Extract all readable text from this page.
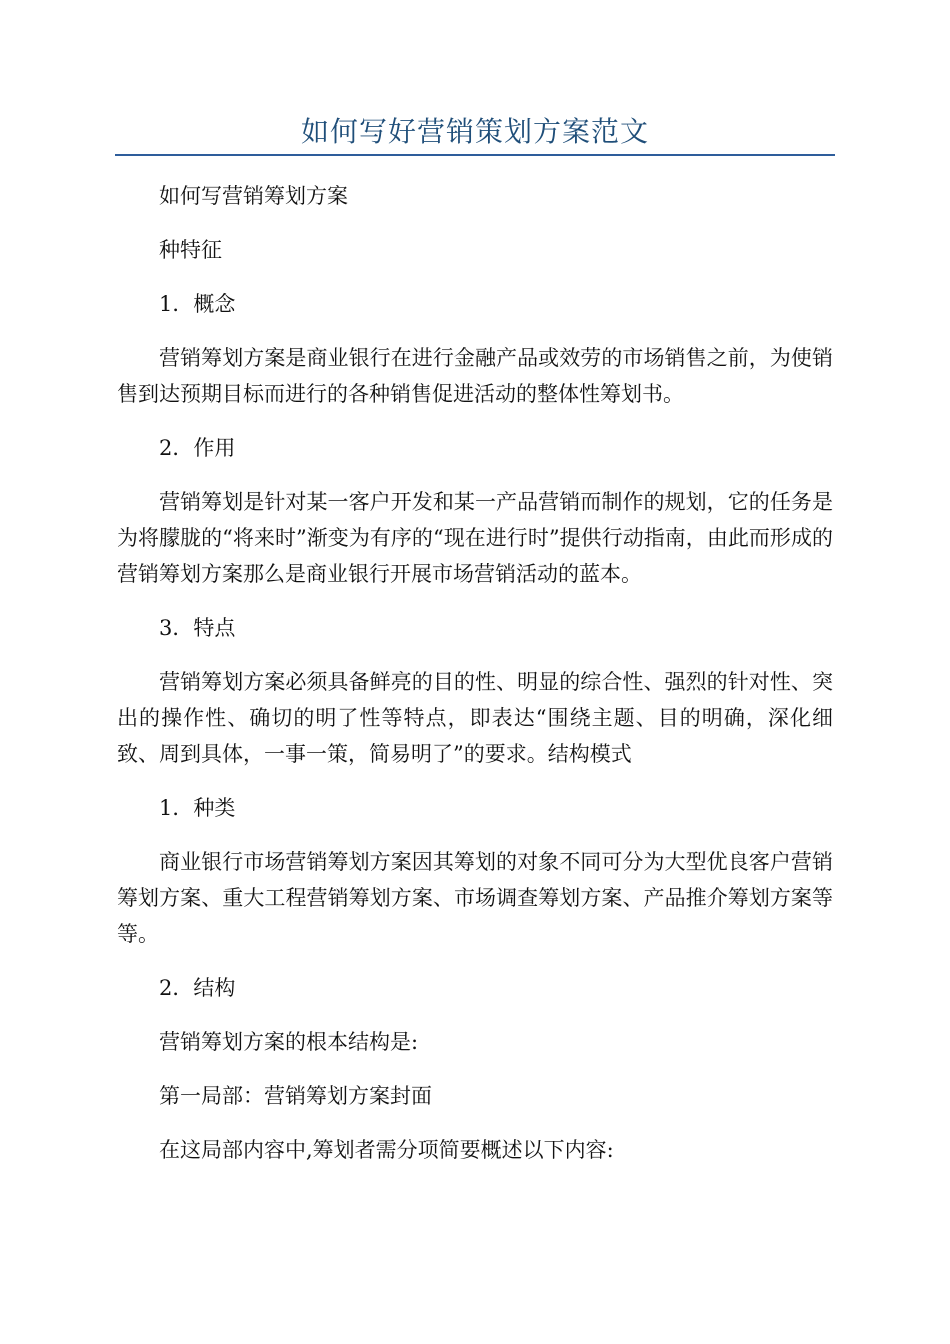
如何写好营销策划方案范文

如何写营销筹划方案

种特征

1．概念

营销筹划方案是商业银行在进行金融产品或效劳的市场销售之前，为使销售到达预期目标而进行的各种销售促进活动的整体性筹划书。

2．作用

营销筹划是针对某一客户开发和某一产品营销而制作的规划，它的任务是为将朦胧的“将来时”渐变为有序的“现在进行时”提供行动指南，由此而形成的营销筹划方案那么是商业银行开展市场营销活动的蓝本。

3．特点

营销筹划方案必须具备鲜亮的目的性、明显的综合性、强烈的针对性、突出的操作性、确切的明了性等特点，即表达“围绕主题、目的明确，深化细致、周到具体，一事一策，简易明了”的要求。结构模式

1．种类

商业银行市场营销筹划方案因其筹划的对象不同可分为大型优良客户营销筹划方案、重大工程营销筹划方案、市场调查筹划方案、产品推介筹划方案等等。

2．结构

营销筹划方案的根本结构是:

第一局部：营销筹划方案封面

在这局部内容中,筹划者需分项简要概述以下内容:
